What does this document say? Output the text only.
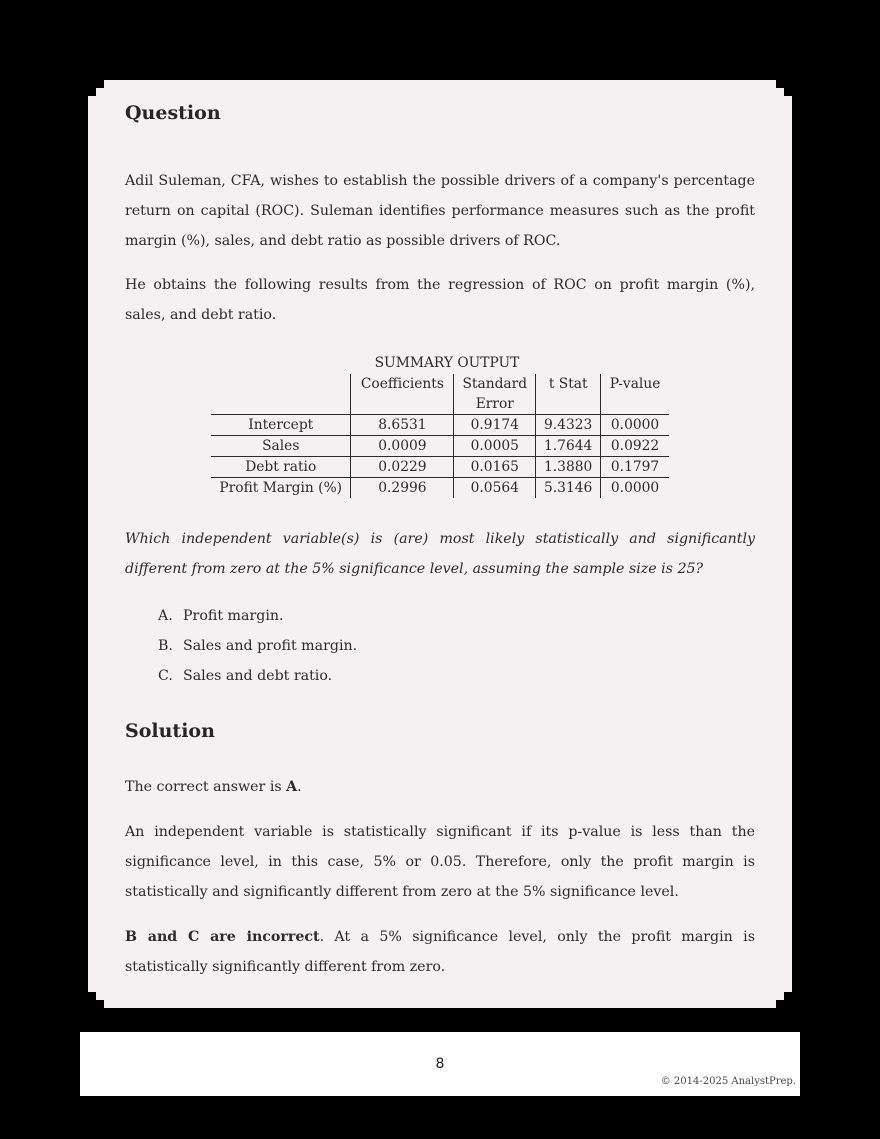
Question

Adil Suleman, CFA, wishes to establish the possible drivers of a company's percentage return on capital (ROC). Suleman identifies performance measures such as the profit margin (%), sales, and debt ratio as possible drivers of ROC.

He obtains the following results from the regression of ROC on profit margin (%), sales, and debt ratio.

SUMMARY OUTPUT
	Coefficients	Standard Error	t Stat	P-value
Intercept	8.6531	0.9174	9.4323	0.0000
Sales	0.0009	0.0005	1.7644	0.0922
Debt ratio	0.0229	0.0165	1.3880	0.1797
Profit Margin (%)	0.2996	0.0564	5.3146	0.0000

Which independent variable(s) is (are) most likely statistically and significantly different from zero at the 5% significance level, assuming the sample size is 25?

A. Profit margin.
B. Sales and profit margin.
C. Sales and debt ratio.
Solution

The correct answer is A.

An independent variable is statistically significant if its p-value is less than the significance level, in this case, 5% or 0.05. Therefore, only the profit margin is statistically and significantly different from zero at the 5% significance level.

B and C are incorrect. At a 5% significance level, only the profit margin is statistically significantly different from zero.

8
© 2014-2025 AnalystPrep.
